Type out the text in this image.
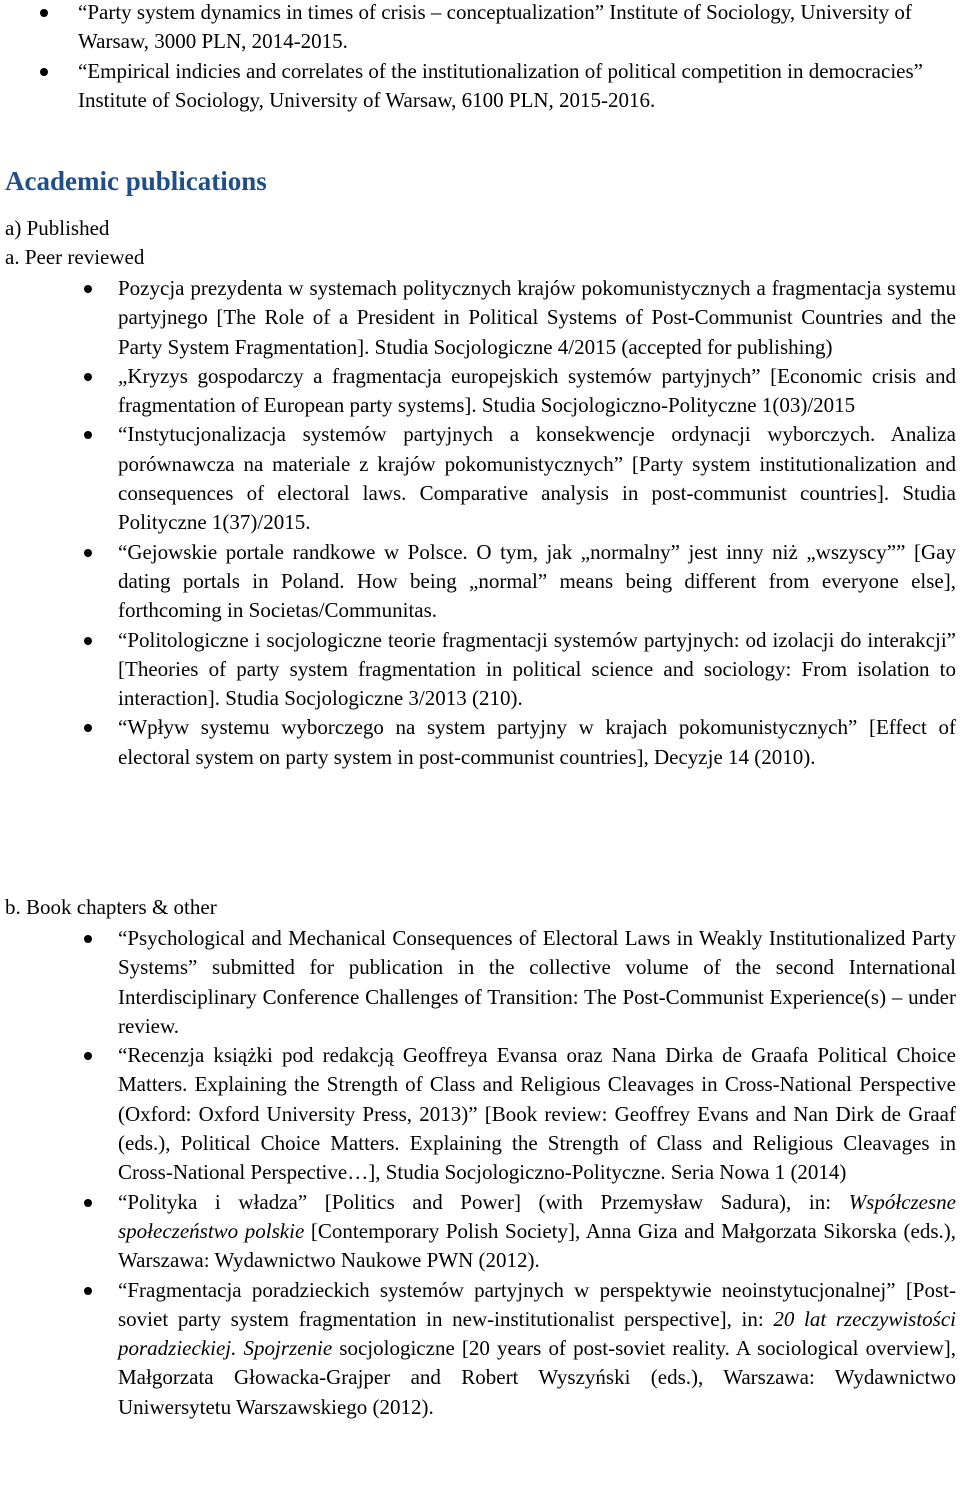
“Party system dynamics in times of crisis – conceptualization” Institute of Sociology, University of Warsaw, 3000 PLN, 2014-2015.
“Empirical indicies and correlates of the institutionalization of political competition in democracies” Institute of Sociology, University of Warsaw, 6100 PLN, 2015-2016.
Academic publications
a) Published
a. Peer reviewed
Pozycja prezydenta w systemach politycznych krajów pokomunistycznych a fragmentacja systemu partyjnego [The Role of a President in Political Systems of Post-Communist Countries and the Party System Fragmentation]. Studia Socjologiczne 4/2015 (accepted for publishing)
„Kryzys gospodarczy a fragmentacja europejskich systemów partyjnych” [Economic crisis and fragmentation of European party systems]. Studia Socjologiczno-Polityczne 1(03)/2015
“Instytucjonalizacja systemów partyjnych a konsekwencje ordynacji wyborczych. Analiza porównawcza na materiale z krajów pokomunistycznych” [Party system institutionalization and consequences of electoral laws. Comparative analysis in post-communist countries]. Studia Polityczne 1(37)/2015.
“Gejowskie portale randkowe w Polsce. O tym, jak „normalny” jest inny niż „wszyscy”” [Gay dating portals in Poland. How being „normal” means being different from everyone else], forthcoming in Societas/Communitas.
“Politologiczne i socjologiczne teorie fragmentacji systemów partyjnych: od izolacji do interakcji” [Theories of party system fragmentation in political science and sociology: From isolation to interaction]. Studia Socjologiczne 3/2013 (210).
“Wpływ systemu wyborczego na system partyjny w krajach pokomunistycznych” [Effect of electoral system on party system in post-communist countries], Decyzje 14 (2010).
b. Book chapters & other
“Psychological and Mechanical Consequences of Electoral Laws in Weakly Institutionalized Party Systems” submitted for publication in the collective volume of the second International Interdisciplinary Conference Challenges of Transition: The Post-Communist Experience(s) – under review.
“Recenzja książki pod redakcją Geoffreya Evansa oraz Nana Dirka de Graafa Political Choice Matters. Explaining the Strength of Class and Religious Cleavages in Cross-National Perspective (Oxford: Oxford University Press, 2013)” [Book review: Geoffrey Evans and Nan Dirk de Graaf (eds.), Political Choice Matters. Explaining the Strength of Class and Religious Cleavages in Cross-National Perspective…], Studia Socjologiczno-Polityczne. Seria Nowa 1 (2014)
“Polityka i władza” [Politics and Power] (with Przemysław Sadura), in: Współczesne społeczeństwo polskie [Contemporary Polish Society], Anna Giza and Małgorzata Sikorska (eds.), Warszawa: Wydawnictwo Naukowe PWN (2012).
“Fragmentacja poradzieckich systemów partyjnych w perspektywie neoinstytucjonalnej” [Post-soviet party system fragmentation in new-institutionalist perspective], in: 20 lat rzeczywistości poradzieckiej. Spojrzenie socjologiczne [20 years of post-soviet reality. A sociological overview], Małgorzata Głowacka-Grajper and Robert Wyszyński (eds.), Warszawa: Wydawnictwo Uniwersytetu Warszawskiego (2012).
